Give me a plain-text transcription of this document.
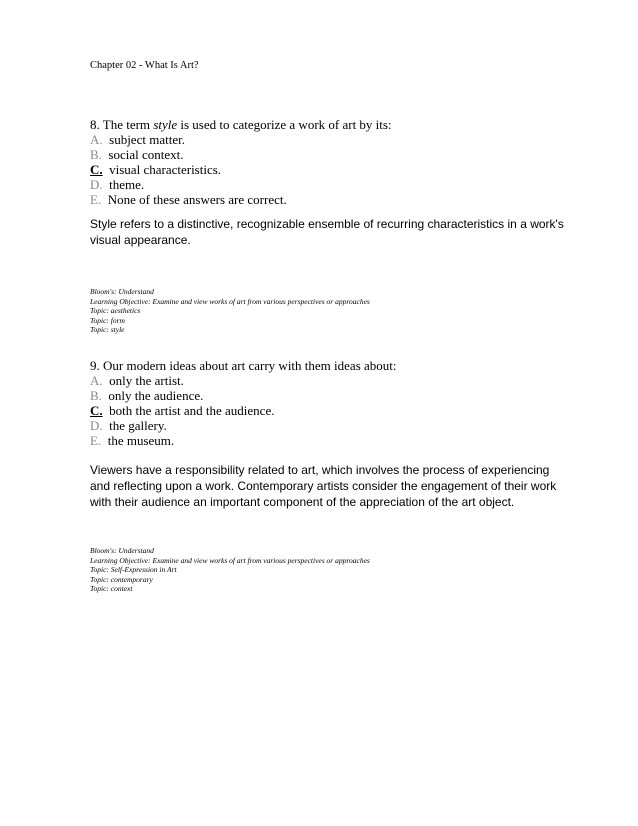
Chapter 02 - What Is Art?
8. The term style is used to categorize a work of art by its:
A. subject matter.
B. social context.
C. visual characteristics.
D. theme.
E. None of these answers are correct.
Style refers to a distinctive, recognizable ensemble of recurring characteristics in a work's visual appearance.
Bloom's: Understand
Learning Objective: Examine and view works of art from various perspectives or approaches
Topic: aesthetics
Topic: form
Topic: style
9. Our modern ideas about art carry with them ideas about:
A. only the artist.
B. only the audience.
C. both the artist and the audience.
D. the gallery.
E. the museum.
Viewers have a responsibility related to art, which involves the process of experiencing and reflecting upon a work. Contemporary artists consider the engagement of their work with their audience an important component of the appreciation of the art object.
Bloom's: Understand
Learning Objective: Examine and view works of art from various perspectives or approaches
Topic: Self-Expression in Art
Topic: contemporary
Topic: context
